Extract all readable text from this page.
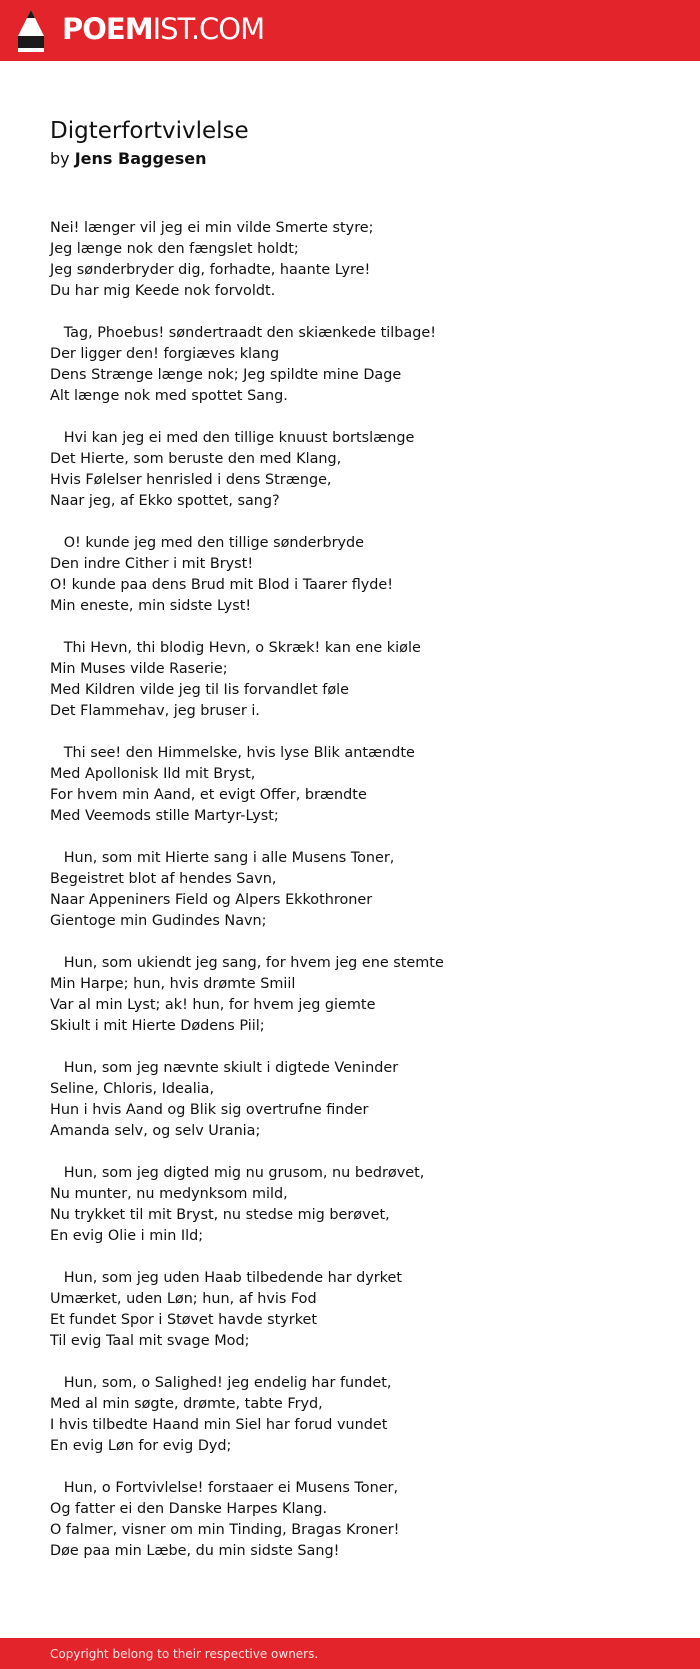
POEMIST.COM
Digterfortvivlelse
by Jens Baggesen
Nei! længer vil jeg ei min vilde Smerte styre;
Jeg længe nok den fængslet holdt;
Jeg sønderbryder dig, forhadte, haante Lyre!
Du har mig Keede nok forvoldt.
Tag, Phoebus! søndertraadt den skiænkede tilbage!
Der ligger den! forgiæves klang
Dens Strænge længe nok; Jeg spildte mine Dage
Alt længe nok med spottet Sang.
Hvi kan jeg ei med den tillige knuust bortslænge
Det Hierte, som beruste den med Klang,
Hvis Følelser henrisled i dens Strænge,
Naar jeg, af Ekko spottet, sang?
O! kunde jeg med den tillige sønderbryde
Den indre Cither i mit Bryst!
O! kunde paa dens Brud mit Blod i Taarer flyde!
Min eneste, min sidste Lyst!
Thi Hevn, thi blodig Hevn, o Skræk! kan ene kiøle
Min Muses vilde Raserie;
Med Kildren vilde jeg til Iis forvandlet føle
Det Flammehav, jeg bruser i.
Thi see! den Himmelske, hvis lyse Blik antændte
Med Apollonisk Ild mit Bryst,
For hvem min Aand, et evigt Offer, brændte
Med Veemods stille Martyr-Lyst;
Hun, som mit Hierte sang i alle Musens Toner,
Begeistret blot af hendes Savn,
Naar Appeniners Field og Alpers Ekkothroner
Gientoge min Gudindes Navn;
Hun, som ukiendt jeg sang, for hvem jeg ene stemte
Min Harpe; hun, hvis drømte Smiil
Var al min Lyst; ak! hun, for hvem jeg giemte
Skiult i mit Hierte Dødens Piil;
Hun, som jeg nævnte skiult i digtede Veninder
Seline, Chloris, Idealia,
Hun i hvis Aand og Blik sig overtrufne finder
Amanda selv, og selv Urania;
Hun, som jeg digted mig nu grusom, nu bedrøvet,
Nu munter, nu medynksom mild,
Nu trykket til mit Bryst, nu stedse mig berøvet,
En evig Olie i min Ild;
Hun, som jeg uden Haab tilbedende har dyrket
Umærket, uden Løn; hun, af hvis Fod
Et fundet Spor i Støvet havde styrket
Til evig Taal mit svage Mod;
Hun, som, o Salighed! jeg endelig har fundet,
Med al min søgte, drømte, tabte Fryd,
I hvis tilbedte Haand min Siel har forud vundet
En evig Løn for evig Dyd;
Hun, o Fortvivlelse! forstaaer ei Musens Toner,
Og fatter ei den Danske Harpes Klang.
O falmer, visner om min Tinding, Bragas Kroner!
Døe paa min Læbe, du min sidste Sang!
Copyright belong to their respective owners.
